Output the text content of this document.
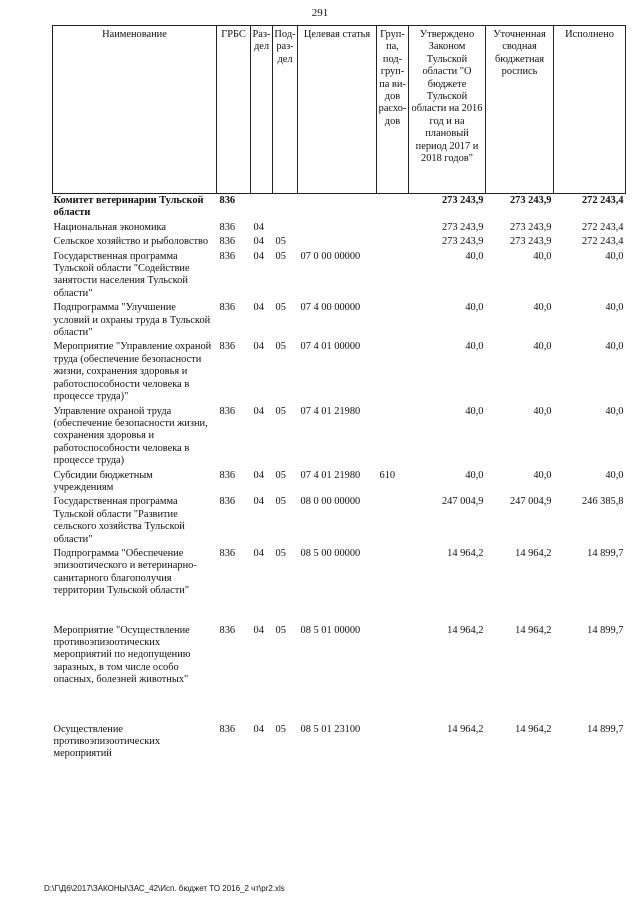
291
Наименование	ГРБС	Раз- дел	Под- раз- дел	Целевая статья	Груп- па, под- груп- па ви- дов расхо- дов	Утверждено Законом Тульской области "О бюджете Тульской области на 2016 год и на плановый период 2017 и 2018 годов"	Уточненная сводная бюджетная роспись	Исполнено
Комитет ветеринарии Тульской области	836					273 243,9	273 243,9	272 243,4
Национальная экономика	836	04				273 243,9	273 243,9	272 243,4
Сельское хозяйство и рыболовство	836	04	05			273 243,9	273 243,9	272 243,4
Государственная программа Тульской области "Содействие занятости населения Тульской области"	836	04	05	07 0 00 00000		40,0	40,0	40,0
Подпрограмма "Улучшение условий и охраны труда в Тульской области"	836	04	05	07 4 00 00000		40,0	40,0	40,0
Мероприятие "Управление охраной труда (обеспечение безопасности жизни, сохранения здоровья и работоспособности человека в процессе труда)"	836	04	05	07 4 01 00000		40,0	40,0	40,0
Управление охраной труда (обеспечение безопасности жизни, сохранения здоровья и работоспособности человека в процессе труда)	836	04	05	07 4 01 21980		40,0	40,0	40,0
Субсидии бюджетным учреждениям	836	04	05	07 4 01 21980	610	40,0	40,0	40,0
Государственная программа Тульской области "Развитие сельского хозяйства Тульской области"	836	04	05	08 0 00 00000		247 004,9	247 004,9	246 385,8
Подпрограмма "Обеспечение эпизоотического и ветеринарно-санитарного благополучия территории Тульской области"	836	04	05	08 5 00 00000		14 964,2	14 964,2	14 899,7
Мероприятие "Осуществление противоэпизоотических мероприятий по недопущению заразных, в том числе особо опасных, болезней животных"	836	04	05	08 5 01 00000		14 964,2	14 964,2	14 899,7
Осуществление противоэпизоотических мероприятий	836	04	05	08 5 01 23100		14 964,2	14 964,2	14 899,7
D:\Г\Д6\2017\ЗАКОНЫ\ЗАС_42\Исп. бюджет ТО 2016_2 чт\pr2.xls
